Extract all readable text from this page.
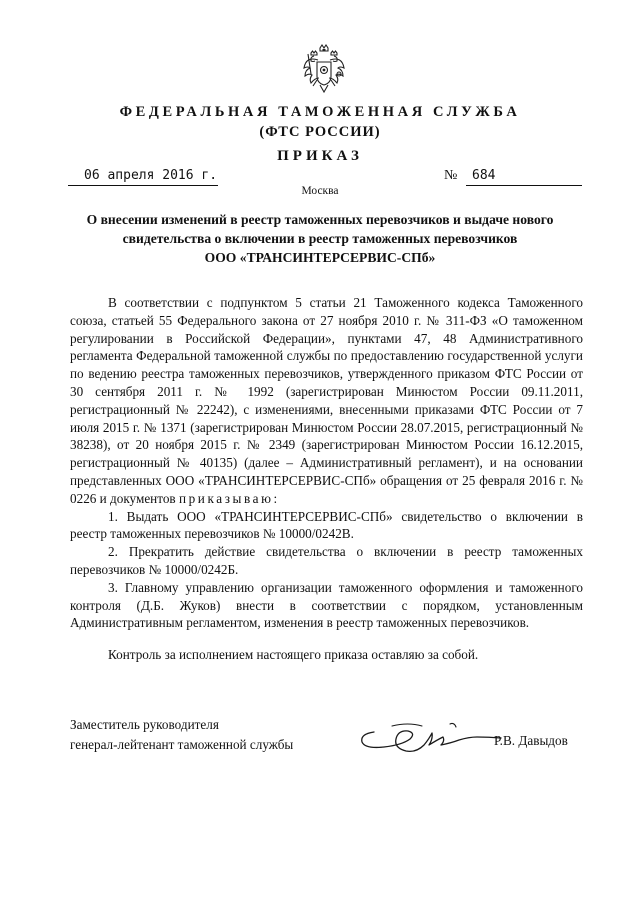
ФЕДЕРАЛЬНАЯ ТАМОЖЕННАЯ СЛУЖБА
(ФТС РОССИИ)
ПРИКАЗ
06 апреля 2016 г.	№ 684
Москва
О внесении изменений в реестр таможенных перевозчиков и выдаче нового
свидетельства о включении в реестр таможенных перевозчиков
ООО «ТРАНСИНТЕРСЕРВИС-СПб»

В соответствии с подпунктом 5 статьи 21 Таможенного кодекса Таможенного союза, статьей 55 Федерального закона от 27 ноября 2010 г. № 311-ФЗ «О таможенном регулировании в Российской Федерации», пунктами 47, 48 Административного регламента Федеральной таможенной службы по предоставлению государственной услуги по ведению реестра таможенных перевозчиков, утвержденного приказом ФТС России от 30 сентября 2011 г. № 1992 (зарегистрирован Минюстом России 09.11.2011, регистрационный № 22242), с изменениями, внесенными приказами ФТС России от 7 июля 2015 г. № 1371 (зарегистрирован Минюстом России 28.07.2015, регистрационный № 38238), от 20 ноября 2015 г. № 2349 (зарегистрирован Минюстом России 16.12.2015, регистрационный № 40135) (далее – Административный регламент), и на основании представленных ООО «ТРАНСИНТЕРСЕРВИС-СПб» обращения от 25 февраля 2016 г. № 0226 и документов приказываю:

1. Выдать ООО «ТРАНСИНТЕРСЕРВИС-СПб» свидетельство о включении в реестр таможенных перевозчиков № 10000/0242В.

2. Прекратить действие свидетельства о включении в реестр таможенных перевозчиков № 10000/0242Б.

3. Главному управлению организации таможенного оформления и таможенного контроля (Д.Б. Жуков) внести в соответствии с порядком, установленным Административным регламентом, изменения в реестр таможенных перевозчиков.

Контроль за исполнением настоящего приказа оставляю за собой.

Заместитель руководителя
генерал-лейтенант таможенной службы	Р.В. Давыдов
